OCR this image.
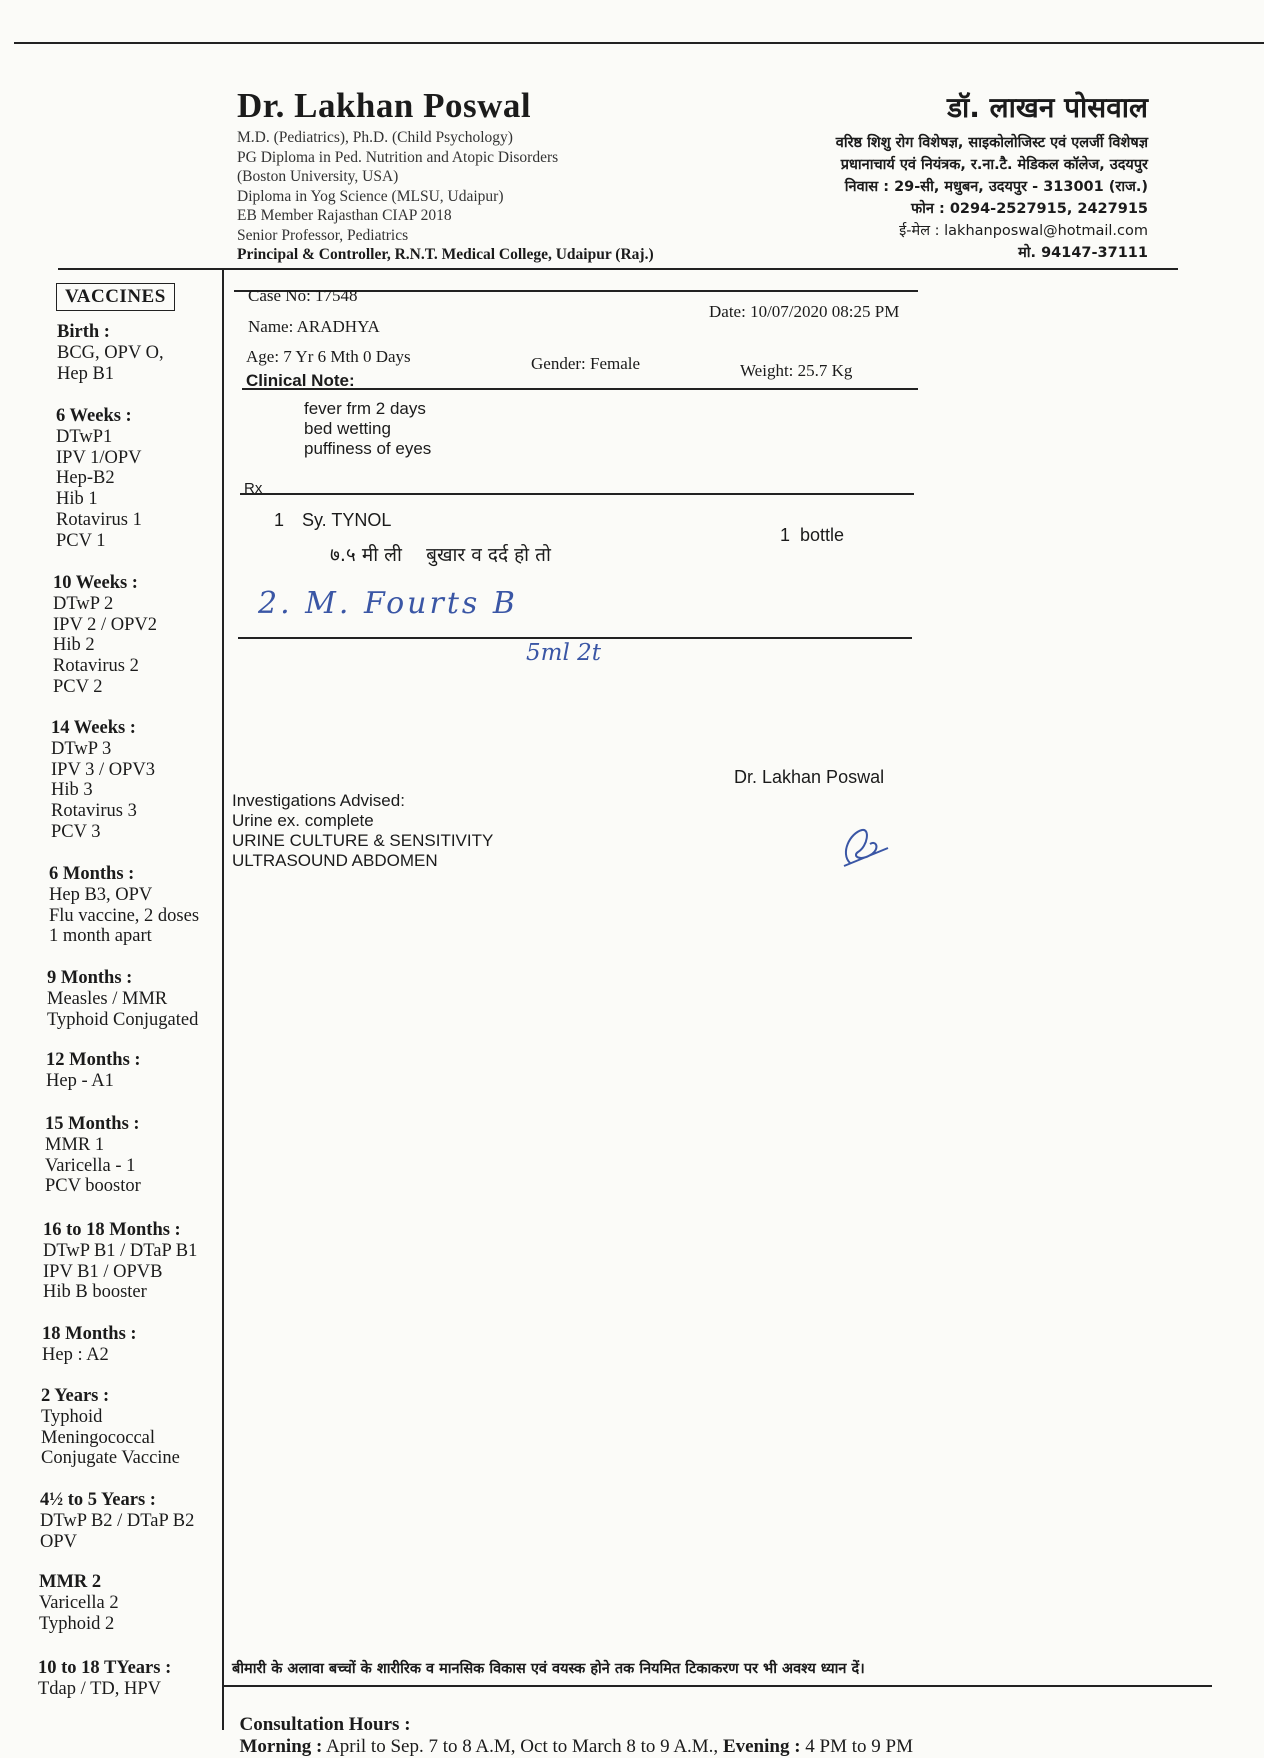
Dr. Lakhan Poswal
M.D. (Pediatrics), Ph.D. (Child Psychology)
PG Diploma in Ped. Nutrition and Atopic Disorders
(Boston University, USA)
Diploma in Yog Science (MLSU, Udaipur)
EB Member Rajasthan CIAP 2018
Senior Professor, Pediatrics
Principal & Controller, R.N.T. Medical College, Udaipur (Raj.)
डॉ. लाखन पोसवाल
वरिष्ठ शिशु रोग विशेषज्ञ, साइकोलोजिस्ट एवं एलर्जी विशेषज्ञ
प्रधानाचार्य एवं नियंत्रक, र.ना.टै. मेडिकल कॉलेज, उदयपुर
निवास : 29-सी, मधुबन, उदयपुर - 313001 (राज.)
फोन : 0294-2527915, 2427915
ई-मेल : lakhanposwal@hotmail.com
मो. 94147-37111
VACCINES
Birth :
BCG, OPV O,
Hep B1
6 Weeks :
DTwP1
IPV 1/OPV
Hep-B2
Hib 1
Rotavirus 1
PCV 1
10 Weeks :
DTwP 2
IPV 2 / OPV2
Hib 2
Rotavirus 2
PCV 2
14 Weeks :
DTwP 3
IPV 3 / OPV3
Hib 3
Rotavirus 3
PCV 3
6 Months :
Hep B3, OPV
Flu vaccine, 2 doses
1 month apart
9 Months :
Measles / MMR
Typhoid Conjugated
12 Months :
Hep - A1
15 Months :
MMR 1
Varicella - 1
PCV boostor
16 to 18 Months :
DTwP B1 / DTaP B1
IPV B1 / OPVB
Hib B booster
18 Months :
Hep : A2
2 Years :
Typhoid
Meningococcal
Conjugate Vaccine
4½ to 5 Years :
DTwP B2 / DTaP B2
OPV
MMR 2
Varicella 2
Typhoid 2
10 to 18 TYears :
Tdap / TD, HPV
Case No: 17548
Date: 10/07/2020 08:25 PM
Name: ARADHYA
Age: 7 Yr 6 Mth 0 Days	Gender: Female	Weight: 25.7 Kg
Clinical Note:
fever frm 2 days
bed wetting
puffiness of eyes
Rx
1 Sy. TYNOL
1  bottle
७.५ मी ली    बुखार व दर्द हो तो
2. M. Fourts B
5ml 2t
Dr. Lakhan Poswal
Investigations Advised:
Urine ex. complete
URINE CULTURE & SENSITIVITY
ULTRASOUND ABDOMEN
बीमारी के अलावा बच्चों के शारीरिक व मानसिक विकास एवं वयस्क होने तक नियमित टिकाकरण पर भी अवश्य ध्यान दें।

Consultation Hours :
Morning : April to Sep. 7 to 8 A.M, Oct to March 8 to 9 A.M., Evening : 4 PM to 9 PM
